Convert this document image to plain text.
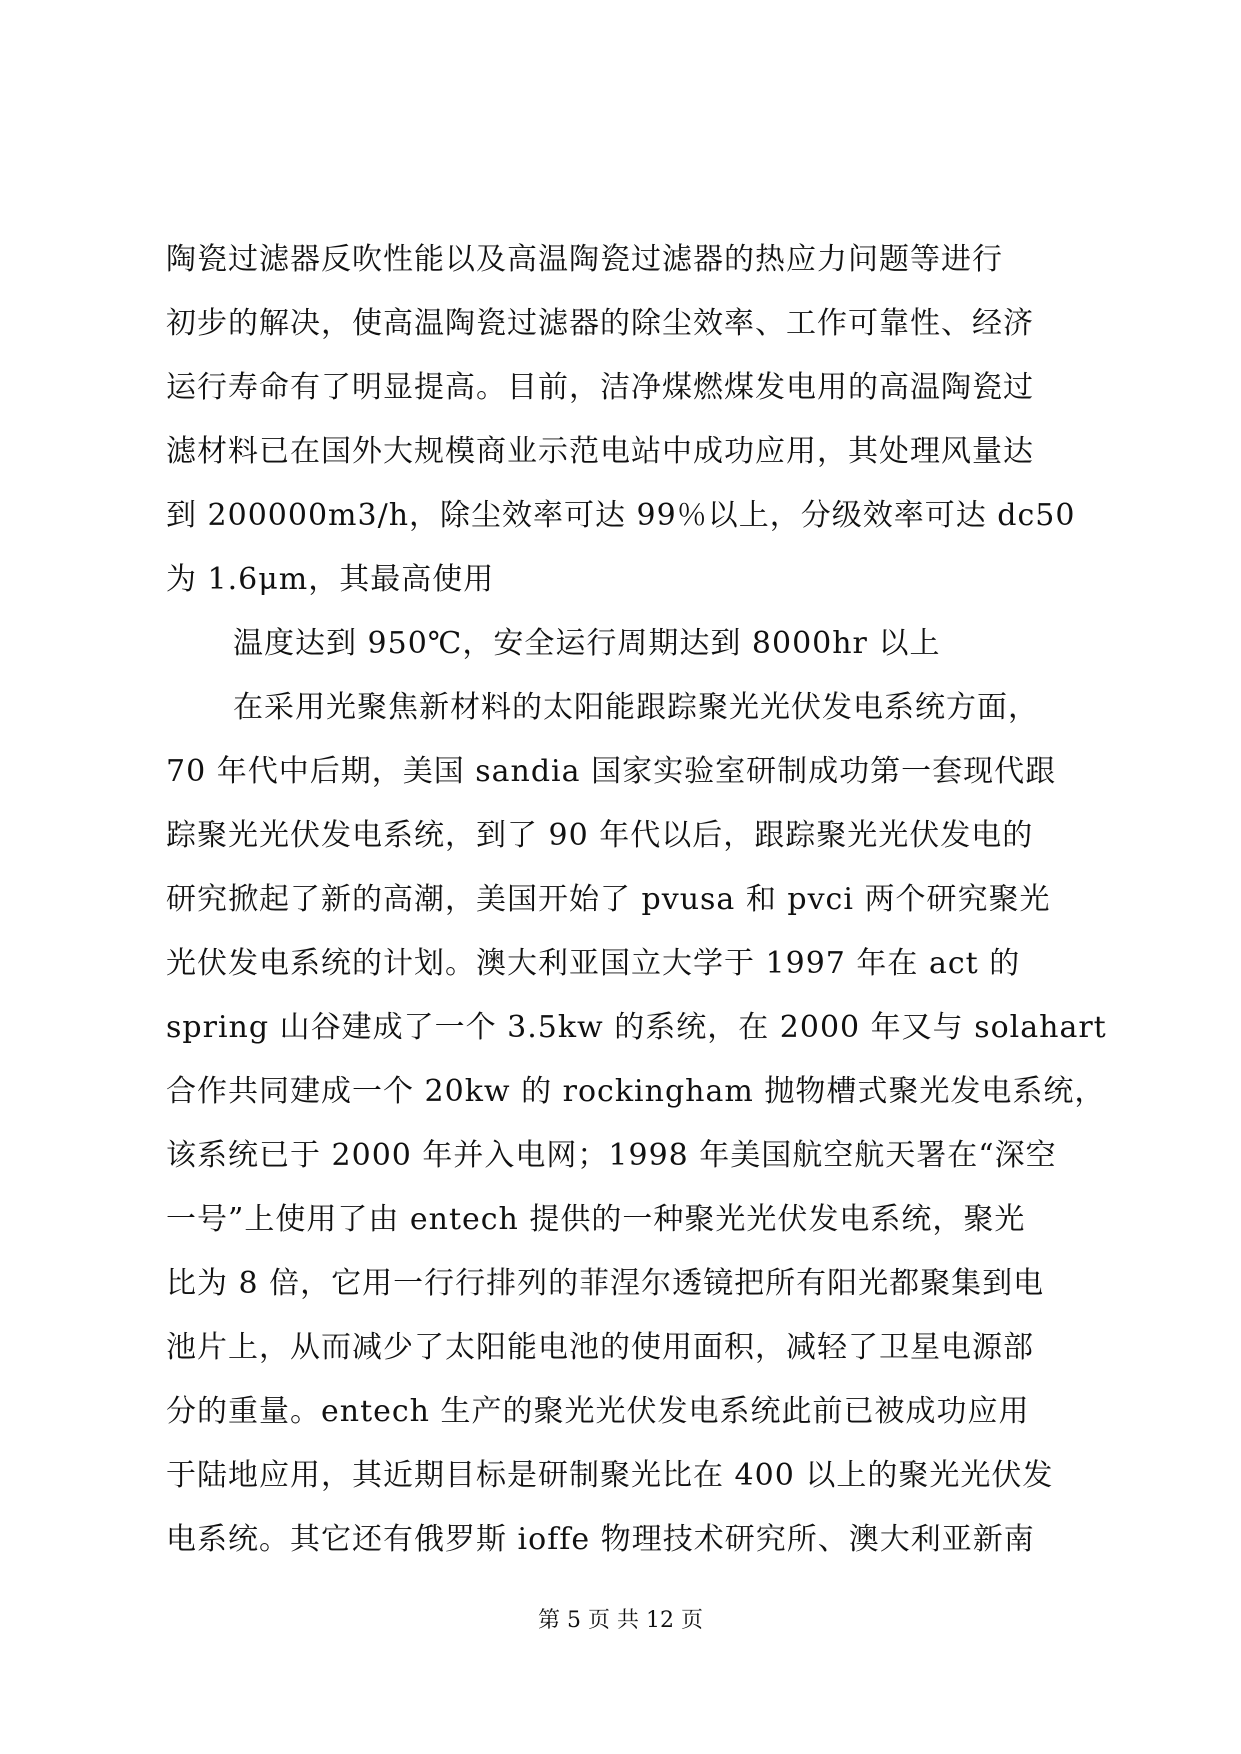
陶瓷过滤器反吹性能以及高温陶瓷过滤器的热应力问题等进行
初步的解决，使高温陶瓷过滤器的除尘效率、工作可靠性、经济
运行寿命有了明显提高。目前，洁净煤燃煤发电用的高温陶瓷过
滤材料已在国外大规模商业示范电站中成功应用，其处理风量达
到 200000m3/h，除尘效率可达 99％以上，分级效率可达 dc50
为 1.6μm，其最高使用
温度达到 950℃，安全运行周期达到 8000hr 以上
在采用光聚焦新材料的太阳能跟踪聚光光伏发电系统方面，
70 年代中后期，美国 sandia 国家实验室研制成功第一套现代跟
踪聚光光伏发电系统，到了 90 年代以后，跟踪聚光光伏发电的
研究掀起了新的高潮，美国开始了 pvusa 和 pvci 两个研究聚光
光伏发电系统的计划。澳大利亚国立大学于 1997 年在 act 的
spring 山谷建成了一个 3.5kw 的系统，在 2000 年又与 solahart
合作共同建成一个 20kw 的 rockingham 抛物槽式聚光发电系统，
该系统已于 2000 年并入电网；1998 年美国航空航天署在“深空
一号”上使用了由 entech 提供的一种聚光光伏发电系统，聚光
比为 8 倍，它用一行行排列的菲涅尔透镜把所有阳光都聚集到电
池片上，从而减少了太阳能电池的使用面积，减轻了卫星电源部
分的重量。entech 生产的聚光光伏发电系统此前已被成功应用
于陆地应用，其近期目标是研制聚光比在 400 以上的聚光光伏发
电系统。其它还有俄罗斯 ioffe 物理技术研究所、澳大利亚新南
第 5 页 共 12 页
